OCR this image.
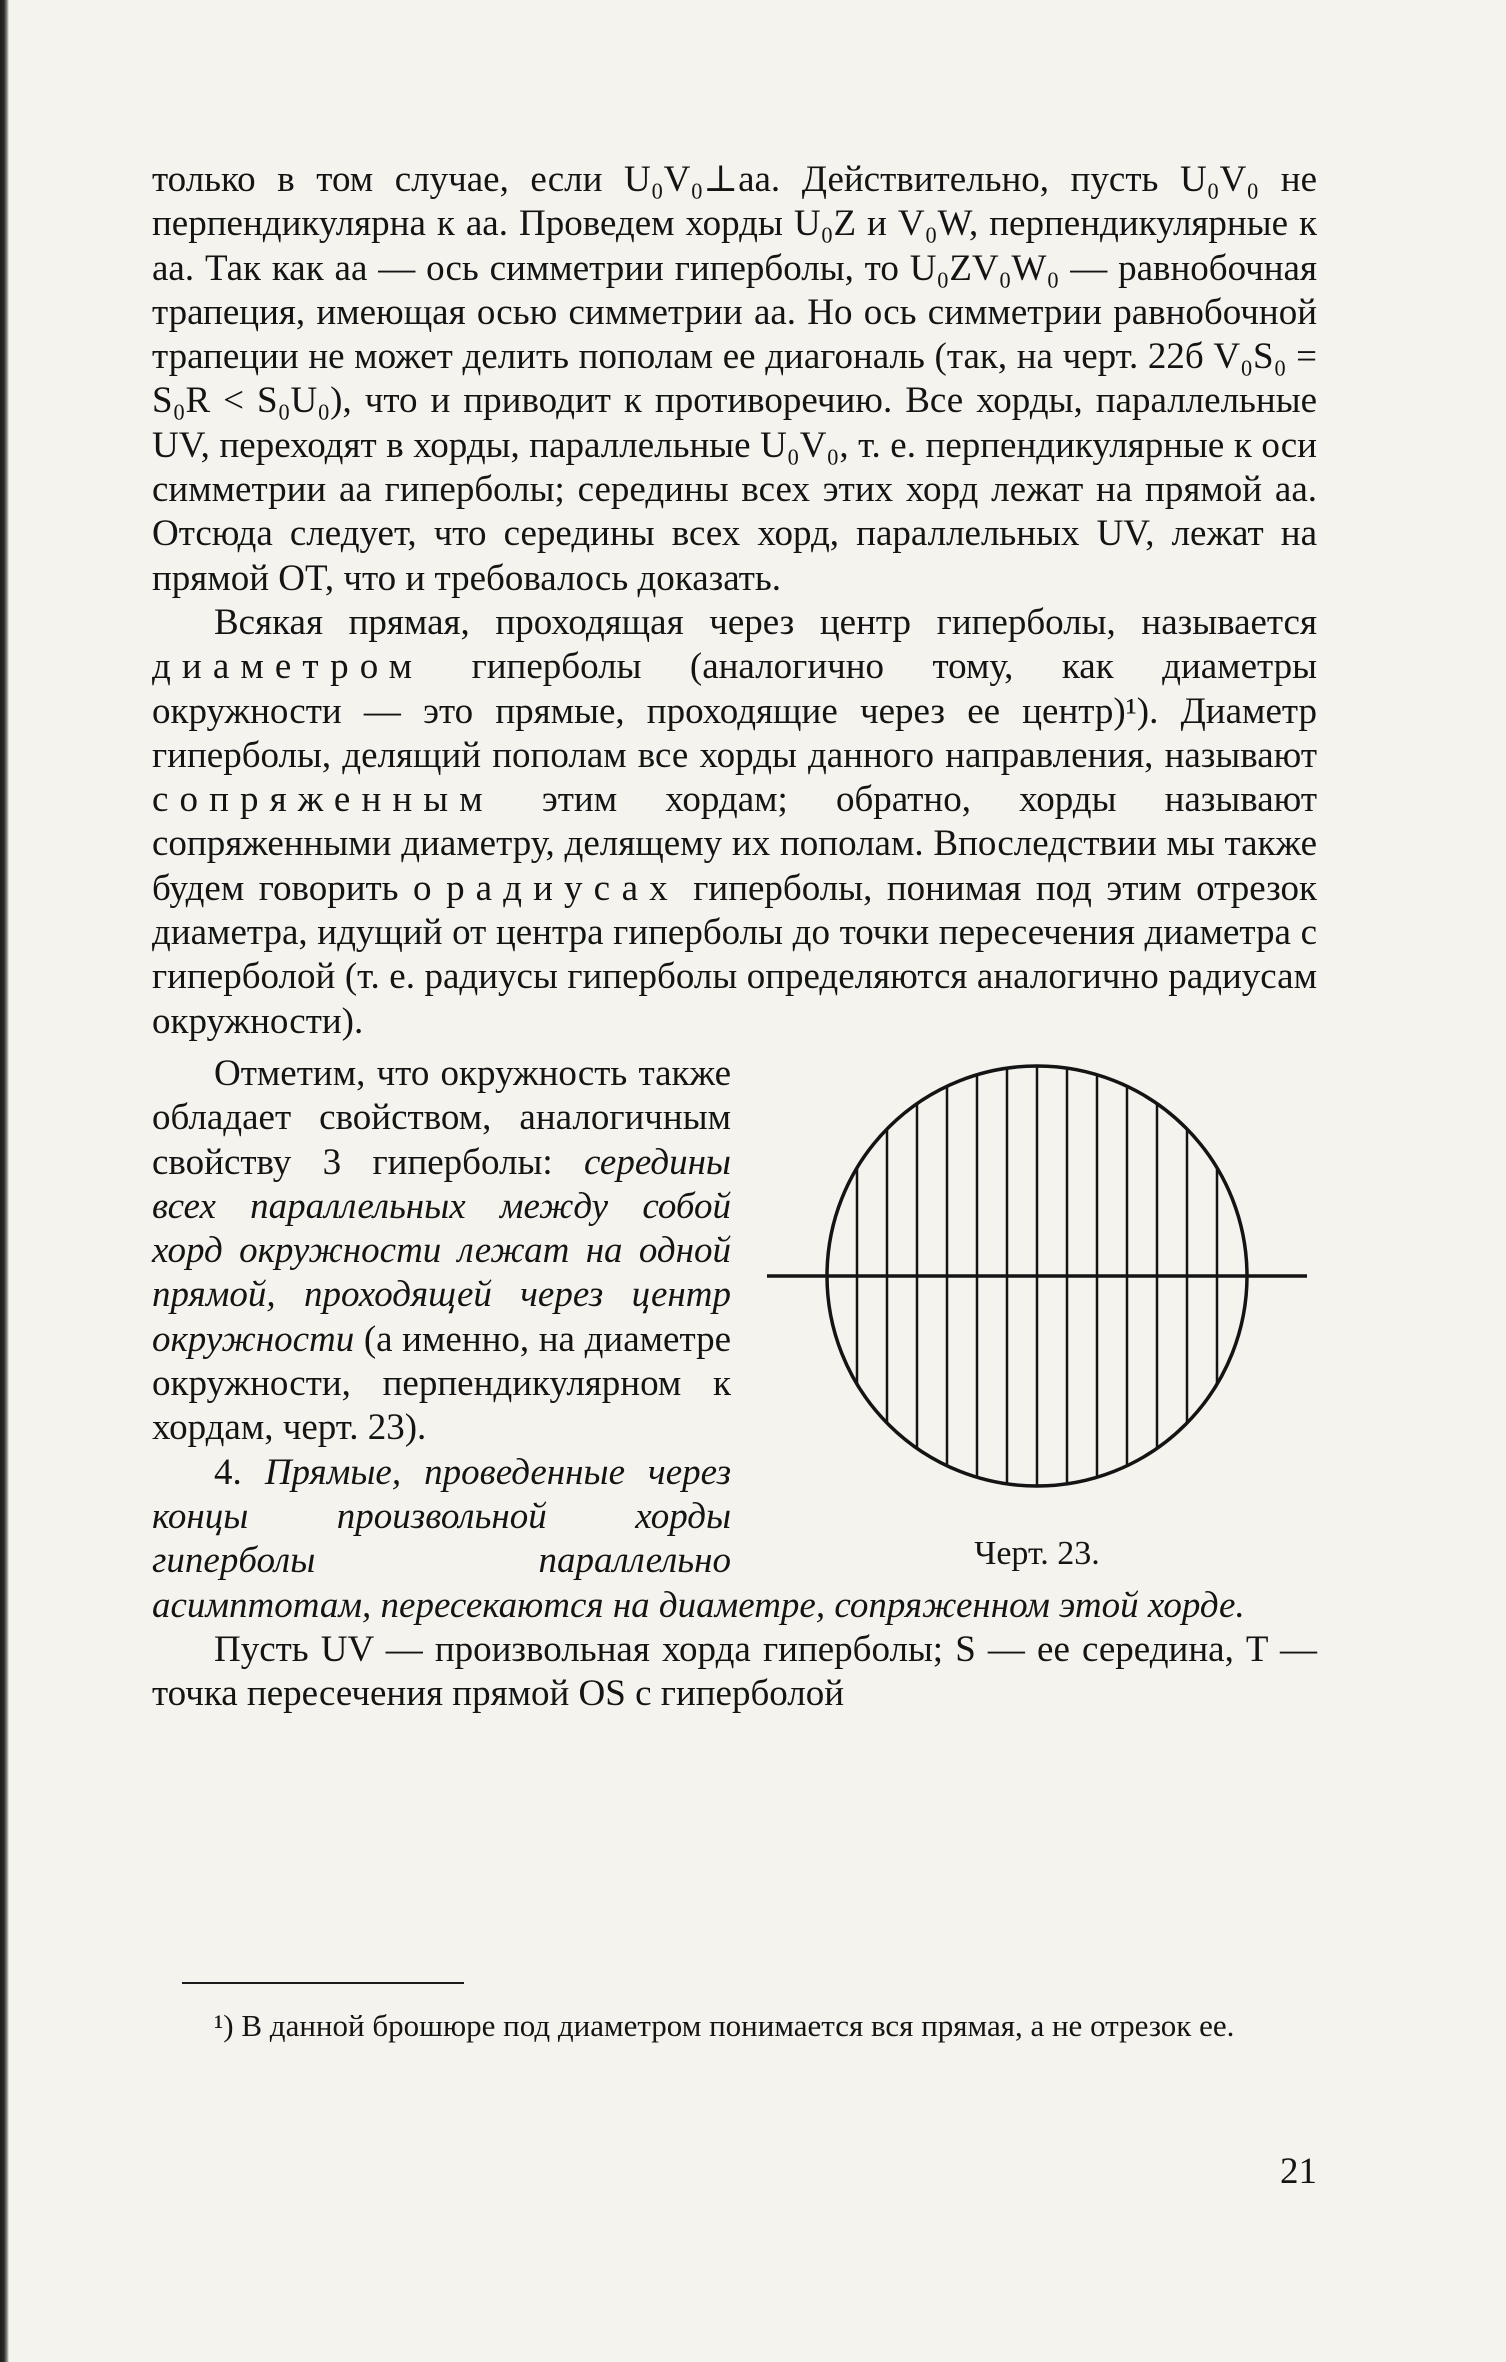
только в том случае, если U₀V₀⊥aa. Действительно, пусть U₀V₀ не перпендикулярна к aa. Проведем хорды U₀Z и V₀W, перпендикулярные к aa. Так как aa — ось симметрии гиперболы, то U₀ZV₀W₀ — равнобочная трапеция, имеющая осью симметрии aa. Но ось симметрии равнобочной трапеции не может делить пополам ее диагональ (так, на черт. 22б V₀S₀ = S₀R < S₀U₀), что и приводит к противоречию. Все хорды, параллельные UV, переходят в хорды, параллельные U₀V₀, т. е. перпендикулярные к оси симметрии aa гиперболы; середины всех этих хорд лежат на прямой aa. Отсюда следует, что середины всех хорд, параллельных UV, лежат на прямой OT, что и требовалось доказать.

Всякая прямая, проходящая через центр гиперболы, называется диаметром гиперболы (аналогично тому, как диаметры окружности — это прямые, проходящие через ее центр)¹). Диаметр гиперболы, делящий пополам все хорды данного направления, называют сопряженным этим хордам; обратно, хорды называют сопряженными диаметру, делящему их пополам. Впоследствии мы также будем говорить о радиусах гиперболы, понимая под этим отрезок диаметра, идущий от центра гиперболы до точки пересечения диаметра с гиперболой (т. е. радиусы гиперболы определяются аналогично радиусам окружности).

Черт. 23.

Отметим, что окружность также обладает свойством, аналогичным свойству 3 гиперболы: середины всех параллельных между собой хорд окружности лежат на одной прямой, проходящей через центр окружности (а именно, на диаметре окружности, перпендикулярном к хордам, черт. 23).

4. Прямые, проведенные через концы произвольной хорды гиперболы параллельно асимптотам, пересекаются на диаметре, сопряженном этой хорде.

Пусть UV — произвольная хорда гиперболы; S — ее середина, T — точка пересечения прямой OS с гиперболой

¹) В данной брошюре под диаметром понимается вся прямая, а не отрезок ее.
21
